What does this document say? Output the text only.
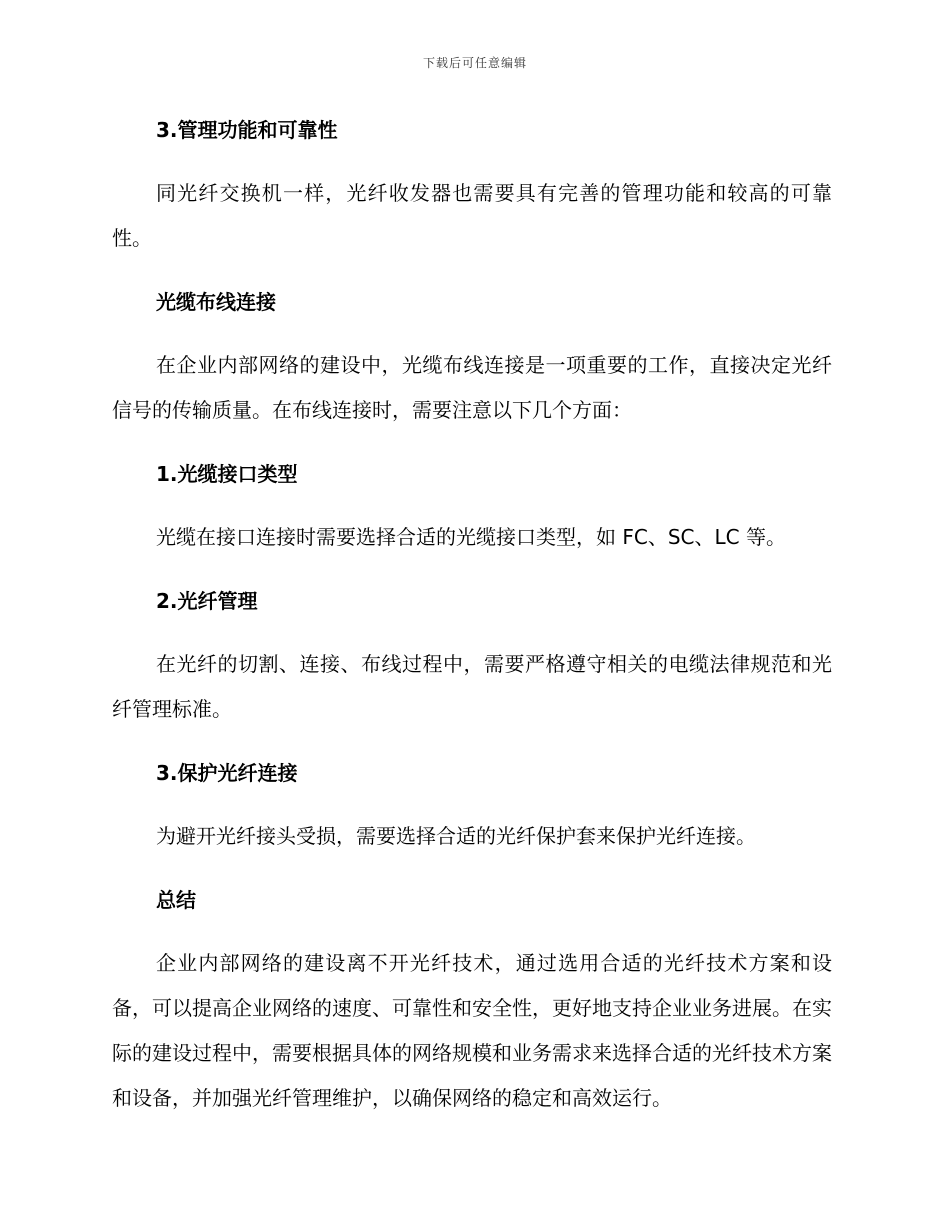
下载后可任意编辑
3.管理功能和可靠性

同光纤交换机一样，光纤收发器也需要具有完善的管理功能和较高的可靠性。

光缆布线连接

在企业内部网络的建设中，光缆布线连接是一项重要的工作，直接决定光纤信号的传输质量。在布线连接时，需要注意以下几个方面：

1.光缆接口类型

光缆在接口连接时需要选择合适的光缆接口类型，如 FC、SC、LC 等。

2.光纤管理

在光纤的切割、连接、布线过程中，需要严格遵守相关的电缆法律规范和光纤管理标准。

3.保护光纤连接

为避开光纤接头受损，需要选择合适的光纤保护套来保护光纤连接。

总结

企业内部网络的建设离不开光纤技术，通过选用合适的光纤技术方案和设备，可以提高企业网络的速度、可靠性和安全性，更好地支持企业业务进展。在实际的建设过程中，需要根据具体的网络规模和业务需求来选择合适的光纤技术方案和设备，并加强光纤管理维护，以确保网络的稳定和高效运行。
